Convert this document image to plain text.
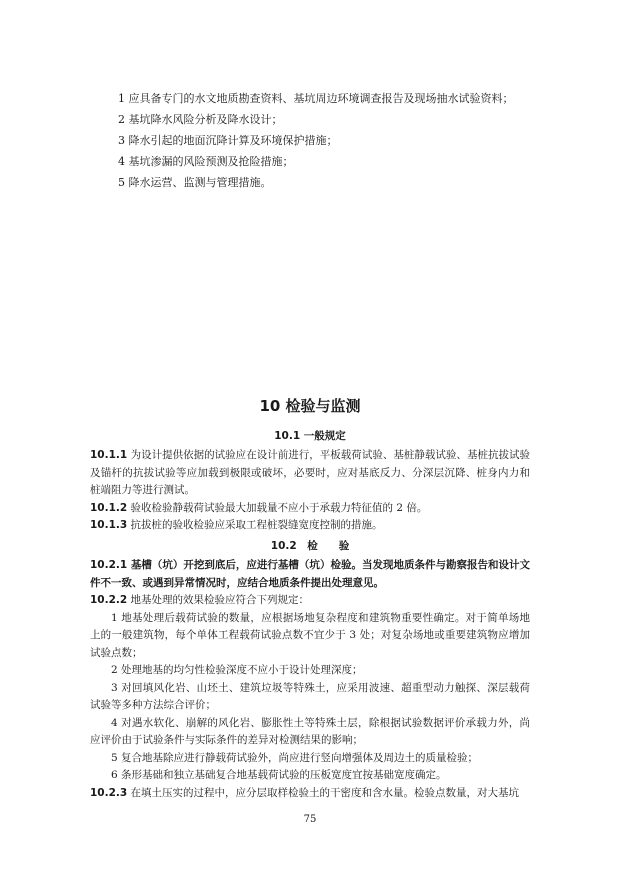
1 应具备专门的水文地质勘查资料、基坑周边环境调查报告及现场抽水试验资料；

2 基坑降水风险分析及降水设计；

3 降水引起的地面沉降计算及环境保护措施；

4 基坑渗漏的风险预测及抢险措施；

5 降水运营、监测与管理措施。

10 检验与监测
10.1 一般规定

10.1.1 为设计提供依据的试验应在设计前进行，平板载荷试验、基桩静载试验、基桩抗拔试验及锚杆的抗拔试验等应加载到极限或破坏，必要时，应对基底反力、分深层沉降、桩身内力和桩端阻力等进行测试。

10.1.2 验收检验静载荷试验最大加载量不应小于承载力特征值的 2 倍。

10.1.3 抗拔桩的验收检验应采取工程桩裂缝宽度控制的措施。

10.2　检　　验

10.2.1 基槽（坑）开挖到底后，应进行基槽（坑）检验。当发现地质条件与勘察报告和设计文件不一致、或遇到异常情况时，应结合地质条件提出处理意见。

10.2.2 地基处理的效果检验应符合下列规定：

1 地基处理后载荷试验的数量，应根据场地复杂程度和建筑物重要性确定。对于简单场地上的一般建筑物，每个单体工程载荷试验点数不宜少于 3 处；对复杂场地或重要建筑物应增加试验点数；

2 处理地基的均匀性检验深度不应小于设计处理深度；

3 对回填风化岩、山坯土、建筑垃圾等特殊土，应采用波速、超重型动力触探、深层载荷试验等多种方法综合评价；

4 对遇水软化、崩解的风化岩、膨胀性土等特殊土层，除根据试验数据评价承载力外，尚应评价由于试验条件与实际条件的差异对检测结果的影响；

5 复合地基除应进行静载荷试验外，尚应进行竖向增强体及周边土的质量检验；

6 条形基础和独立基础复合地基载荷试验的压板宽度宜按基础宽度确定。

10.2.3 在填土压实的过程中，应分层取样检验土的干密度和含水量。检验点数量，对大基坑

75
